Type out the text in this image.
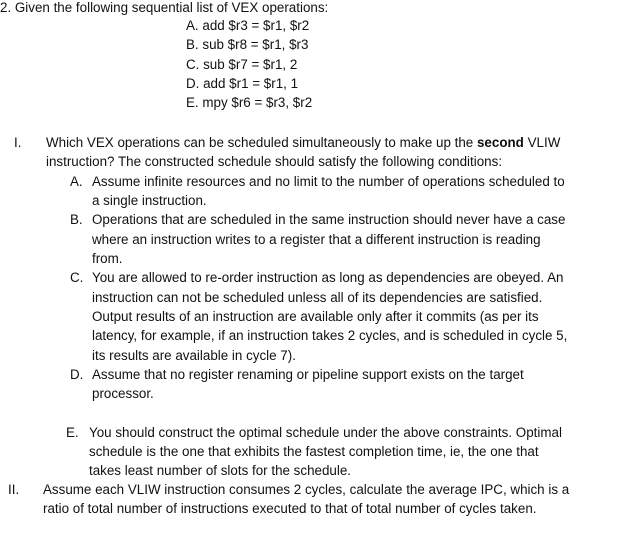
2. Given the following sequential list of VEX operations:
A. add $r3 = $r1, $r2
B. sub $r8 = $r1, $r3
C. sub $r7 = $r1, 2
D. add $r1 = $r1, 1
E. mpy $r6 = $r3, $r2
I. Which VEX operations can be scheduled simultaneously to make up the second VLIW
instruction? The constructed schedule should satisfy the following conditions:
A. Assume infinite resources and no limit to the number of operations scheduled to
a single instruction.
B. Operations that are scheduled in the same instruction should never have a case
where an instruction writes to a register that a different instruction is reading
from.
C. You are allowed to re-order instruction as long as dependencies are obeyed. An
instruction can not be scheduled unless all of its dependencies are satisfied.
Output results of an instruction are available only after it commits (as per its
latency, for example, if an instruction takes 2 cycles, and is scheduled in cycle 5,
its results are available in cycle 7).
D. Assume that no register renaming or pipeline support exists on the target
processor.
E. You should construct the optimal schedule under the above constraints. Optimal
schedule is the one that exhibits the fastest completion time, ie, the one that
takes least number of slots for the schedule.
II. Assume each VLIW instruction consumes 2 cycles, calculate the average IPC, which is a
ratio of total number of instructions executed to that of total number of cycles taken.
